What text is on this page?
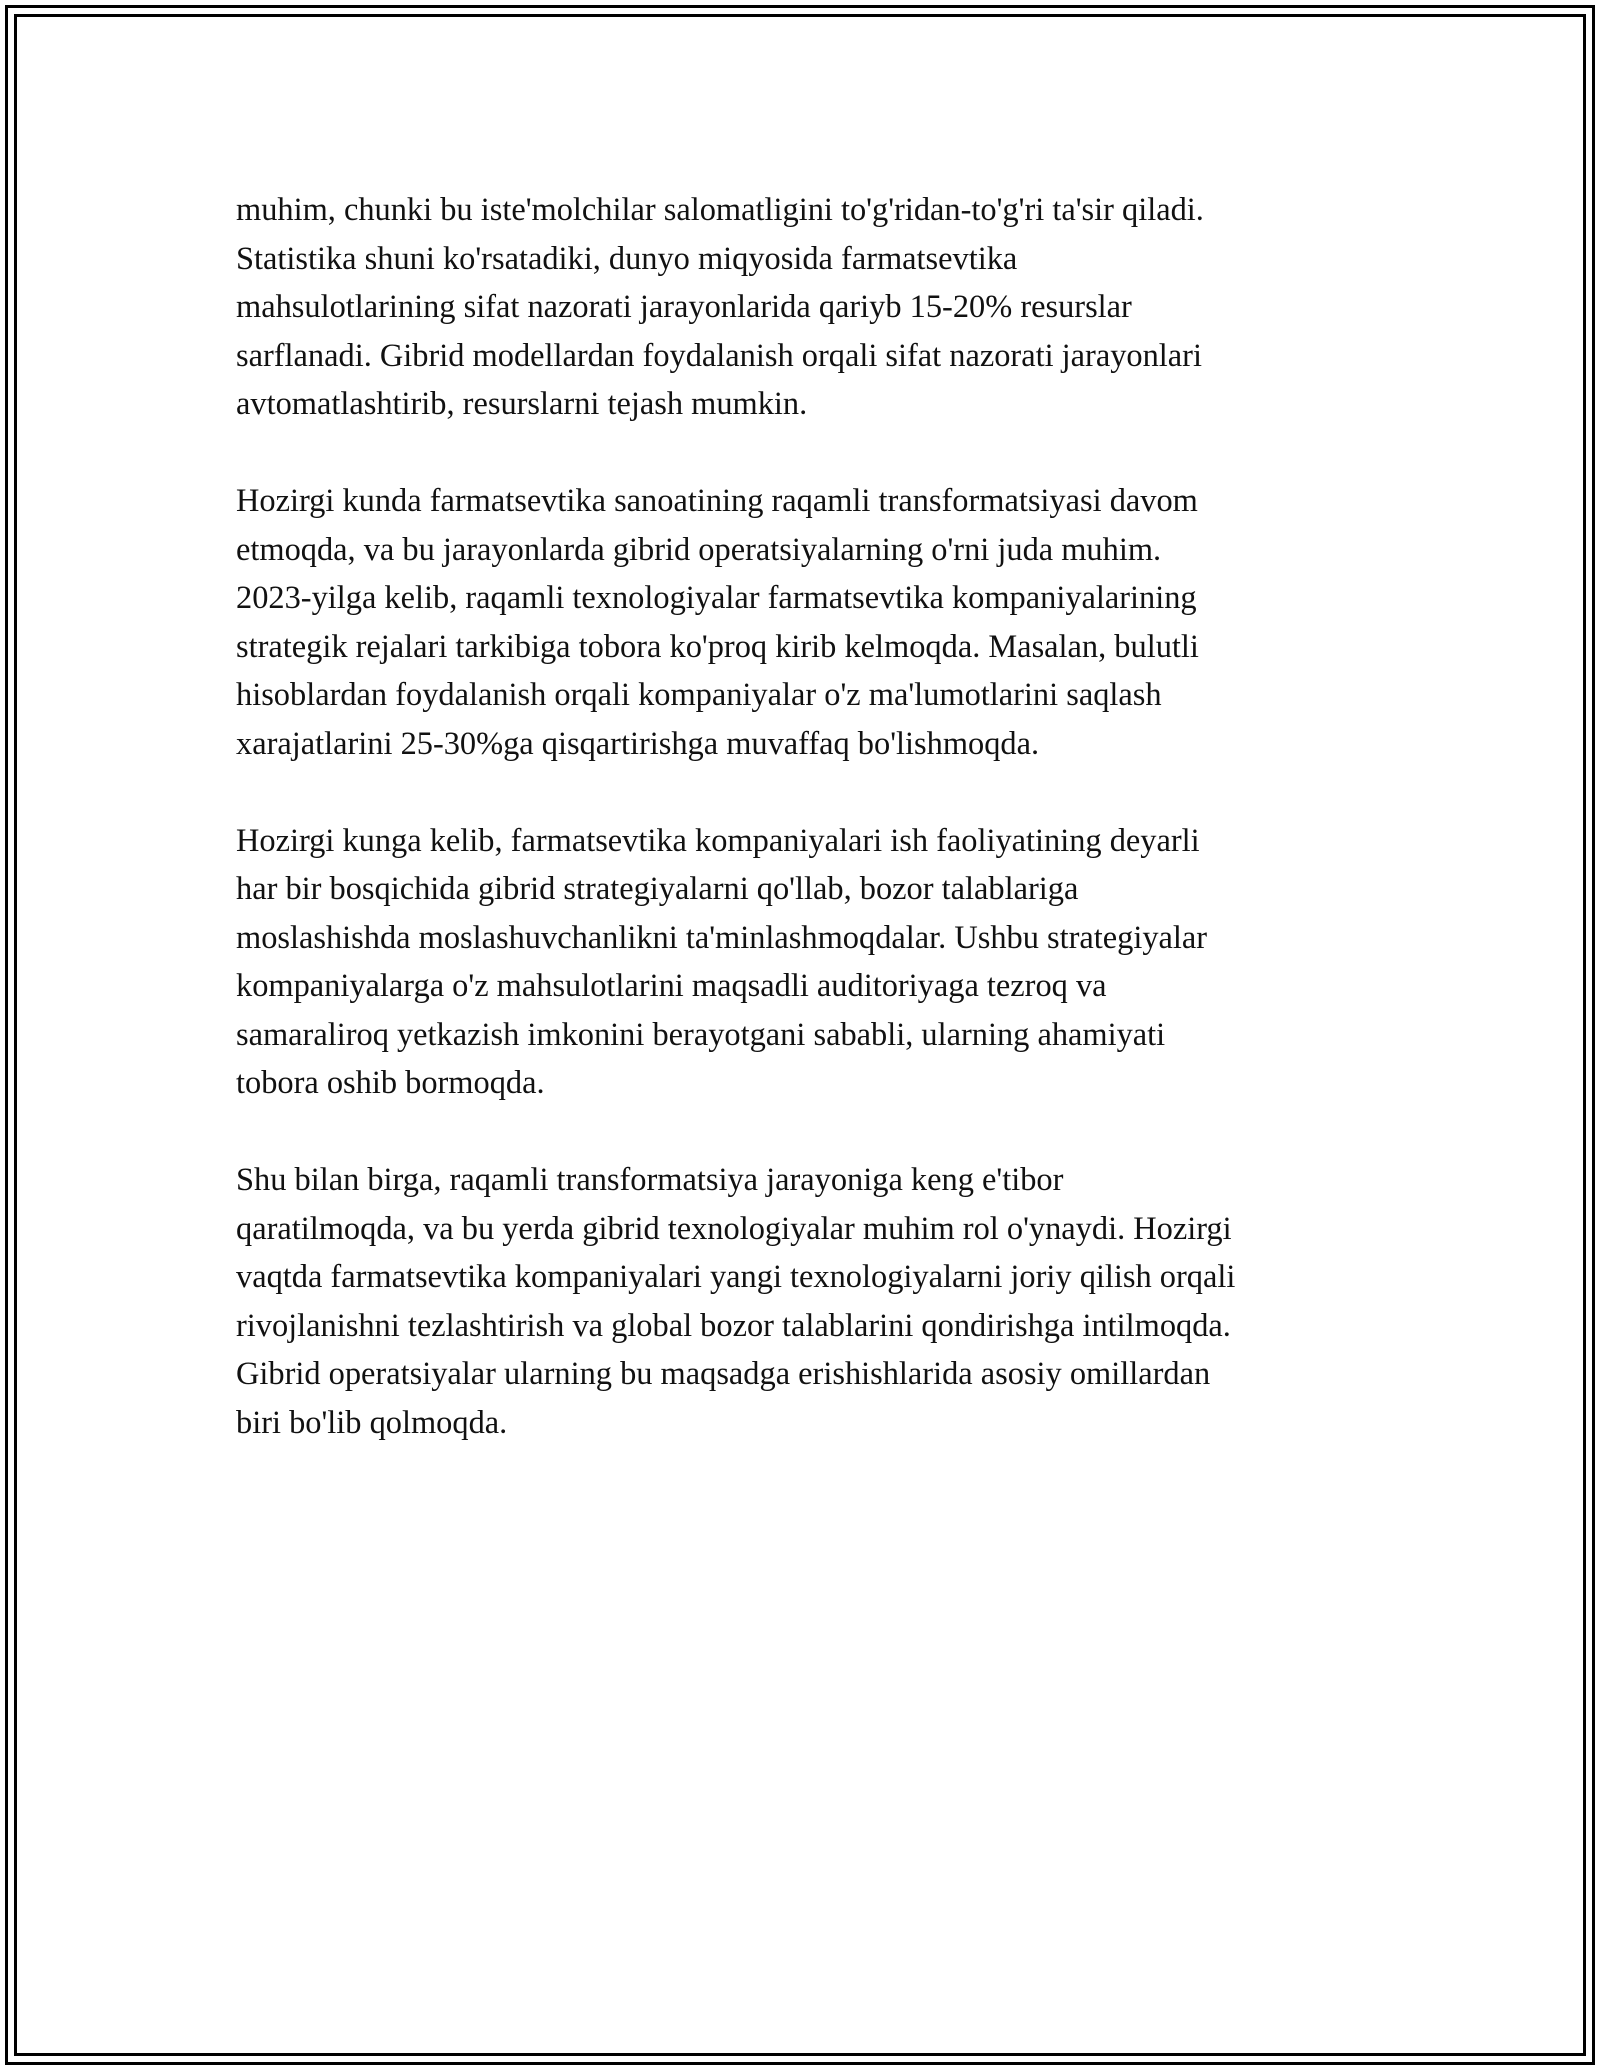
muhim, chunki bu iste'molchilar salomatligini to'g'ridan-to'g'ri ta'sir qiladi.
Statistika shuni ko'rsatadiki, dunyo miqyosida farmatsevtika
mahsulotlarining sifat nazorati jarayonlarida qariyb 15-20% resurslar
sarflanadi. Gibrid modellardan foydalanish orqali sifat nazorati jarayonlari
avtomatlashtirib, resurslarni tejash mumkin.

Hozirgi kunda farmatsevtika sanoatining raqamli transformatsiyasi davom
etmoqda, va bu jarayonlarda gibrid operatsiyalarning o'rni juda muhim.
2023-yilga kelib, raqamli texnologiyalar farmatsevtika kompaniyalarining
strategik rejalari tarkibiga tobora ko'proq kirib kelmoqda. Masalan, bulutli
hisoblardan foydalanish orqali kompaniyalar o'z ma'lumotlarini saqlash
xarajatlarini 25-30%ga qisqartirishga muvaffaq bo'lishmoqda.

Hozirgi kunga kelib, farmatsevtika kompaniyalari ish faoliyatining deyarli
har bir bosqichida gibrid strategiyalarni qo'llab, bozor talablariga
moslashishda moslashuvchanlikni ta'minlashmoqdalar. Ushbu strategiyalar
kompaniyalarga o'z mahsulotlarini maqsadli auditoriyaga tezroq va
samaraliroq yetkazish imkonini berayotgani sababli, ularning ahamiyati
tobora oshib bormoqda.

Shu bilan birga, raqamli transformatsiya jarayoniga keng e'tibor
qaratilmoqda, va bu yerda gibrid texnologiyalar muhim rol o'ynaydi. Hozirgi
vaqtda farmatsevtika kompaniyalari yangi texnologiyalarni joriy qilish orqali
rivojlanishni tezlashtirish va global bozor talablarini qondirishga intilmoqda.
Gibrid operatsiyalar ularning bu maqsadga erishishlarida asosiy omillardan
biri bo'lib qolmoqda.
